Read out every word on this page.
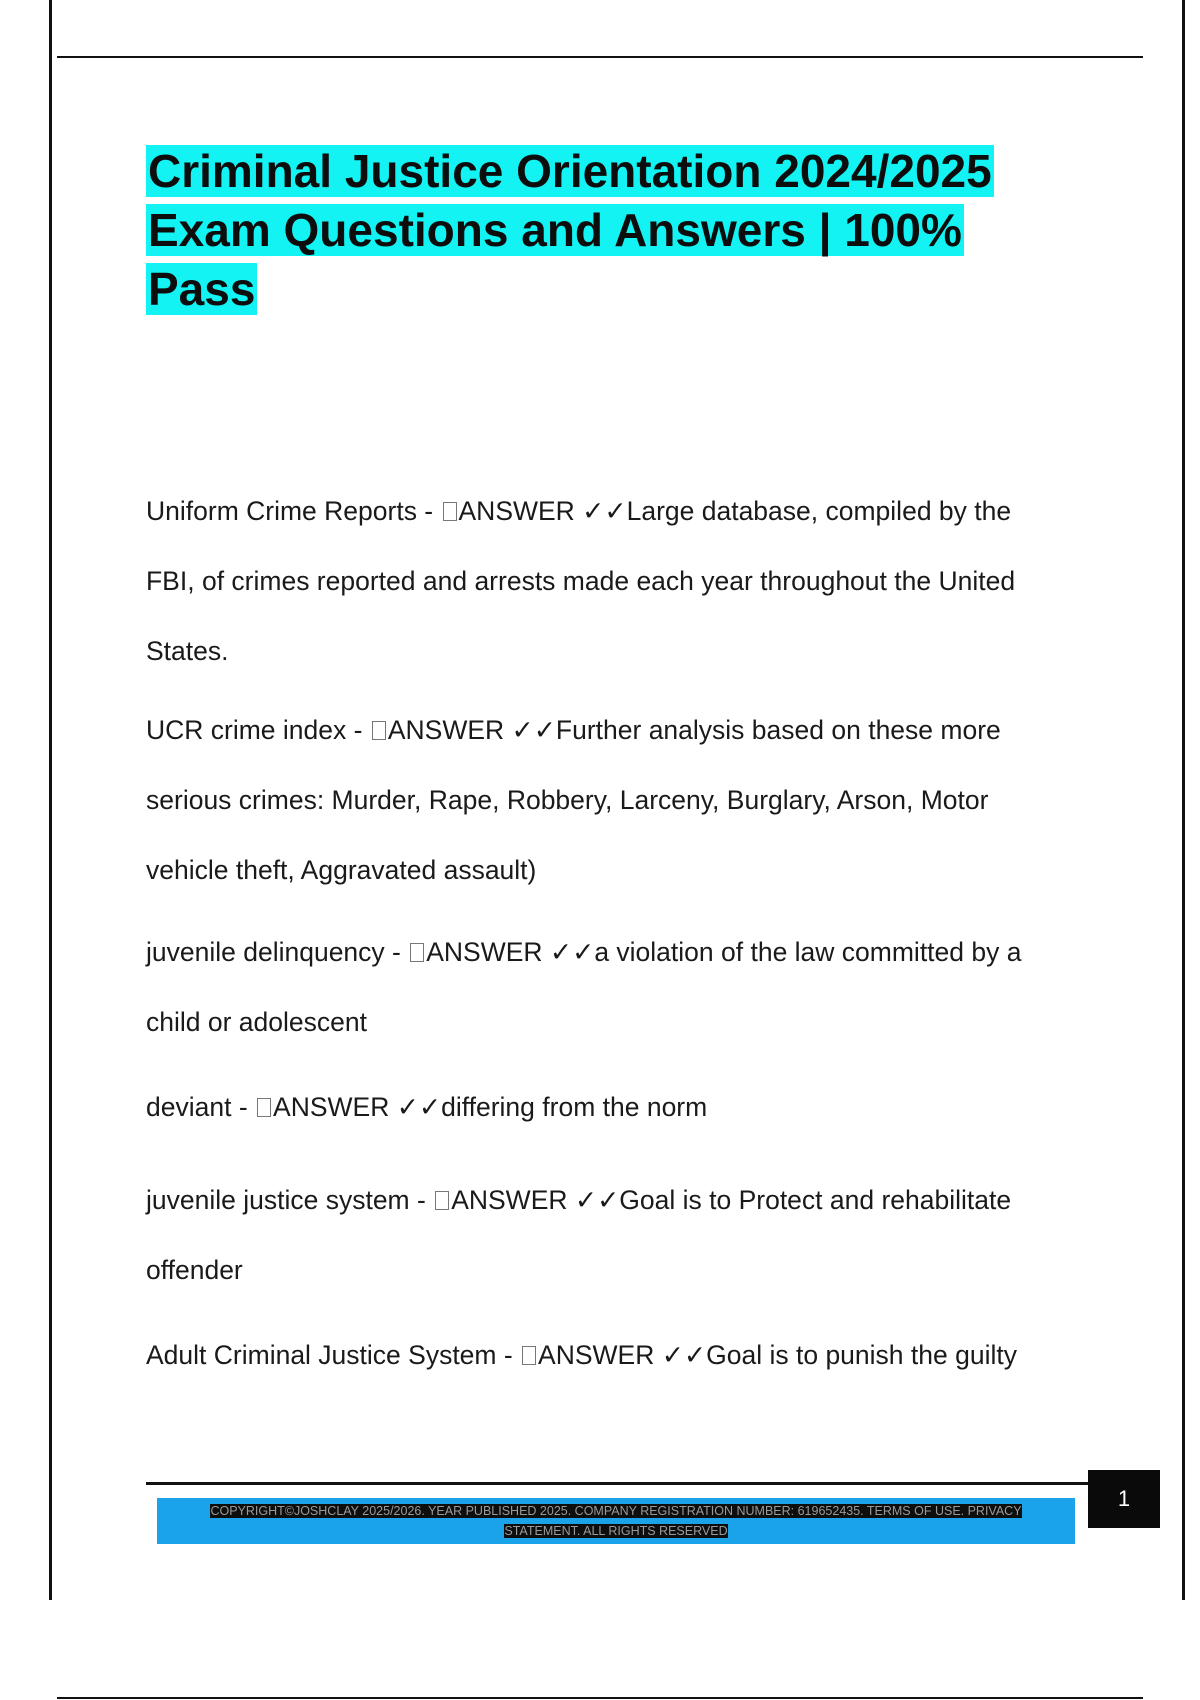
Criminal Justice Orientation 2024/2025
Exam Questions and Answers | 100%
Pass
Uniform Crime Reports - ANSWER ✓✓Large database, compiled by the
FBI, of crimes reported and arrests made each year throughout the United
States.
UCR crime index - ANSWER ✓✓Further analysis based on these more
serious crimes: Murder, Rape, Robbery, Larceny, Burglary, Arson, Motor
vehicle theft, Aggravated assault)
juvenile delinquency - ANSWER ✓✓a violation of the law committed by a
child or adolescent
deviant - ANSWER ✓✓differing from the norm
juvenile justice system - ANSWER ✓✓Goal is to Protect and rehabilitate
offender
Adult Criminal Justice System - ANSWER ✓✓Goal is to punish the guilty
COPYRIGHT©JOSHCLAY 2025/2026. YEAR PUBLISHED 2025. COMPANY REGISTRATION NUMBER: 619652435. TERMS OF USE. PRIVACY
STATEMENT. ALL RIGHTS RESERVED
1
